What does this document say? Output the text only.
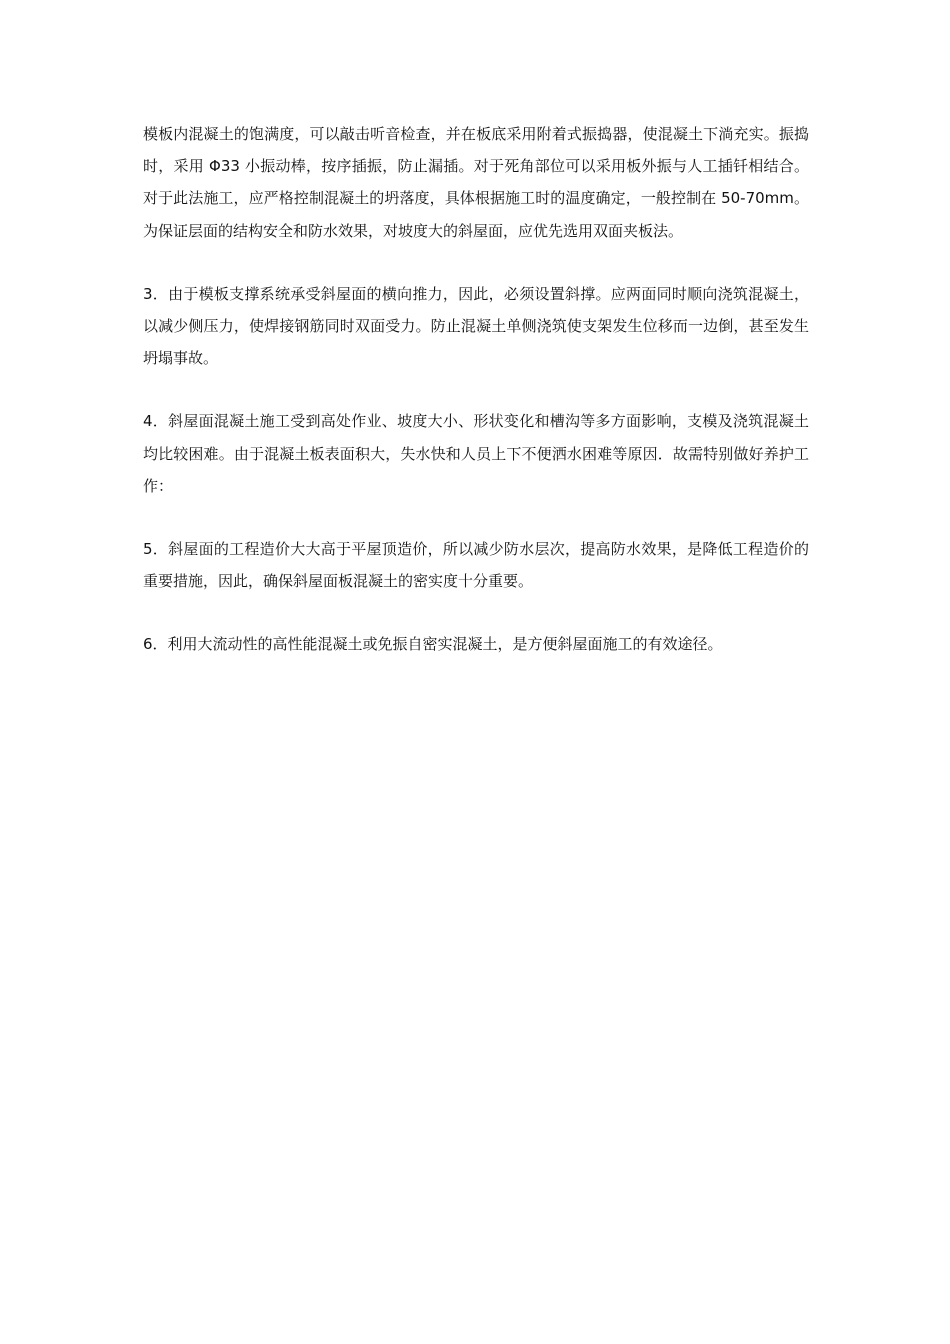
模板内混凝土的饱满度，可以敲击听音检查，并在板底采用附着式振捣器，使混凝土下淌充实。振捣时，采用 Φ33 小振动棒，按序插振，防止漏插。对于死角部位可以采用板外振与人工插钎相结合。对于此法施工，应严格控制混凝土的坍落度，具体根据施工时的温度确定，一般控制在 50-70mm。为保证层面的结构安全和防水效果，对坡度大的斜屋面，应优先选用双面夹板法。

3．由于模板支撑系统承受斜屋面的横向推力，因此，必须设置斜撑。应两面同时顺向浇筑混凝土，以减少侧压力，使焊接钢筋同时双面受力。防止混凝土单侧浇筑使支架发生位移而一边倒，甚至发生坍塌事故。

4．斜屋面混凝土施工受到高处作业、坡度大小、形状变化和槽沟等多方面影响，支模及浇筑混凝土均比较困难。由于混凝土板表面积大，失水快和人员上下不便洒水困难等原因．故需特别做好养护工作：

5．斜屋面的工程造价大大高于平屋顶造价，所以减少防水层次，提高防水效果，是降低工程造价的重要措施，因此，确保斜屋面板混凝土的密实度十分重要。

6．利用大流动性的高性能混凝土或免振自密实混凝土，是方便斜屋面施工的有效途径。
